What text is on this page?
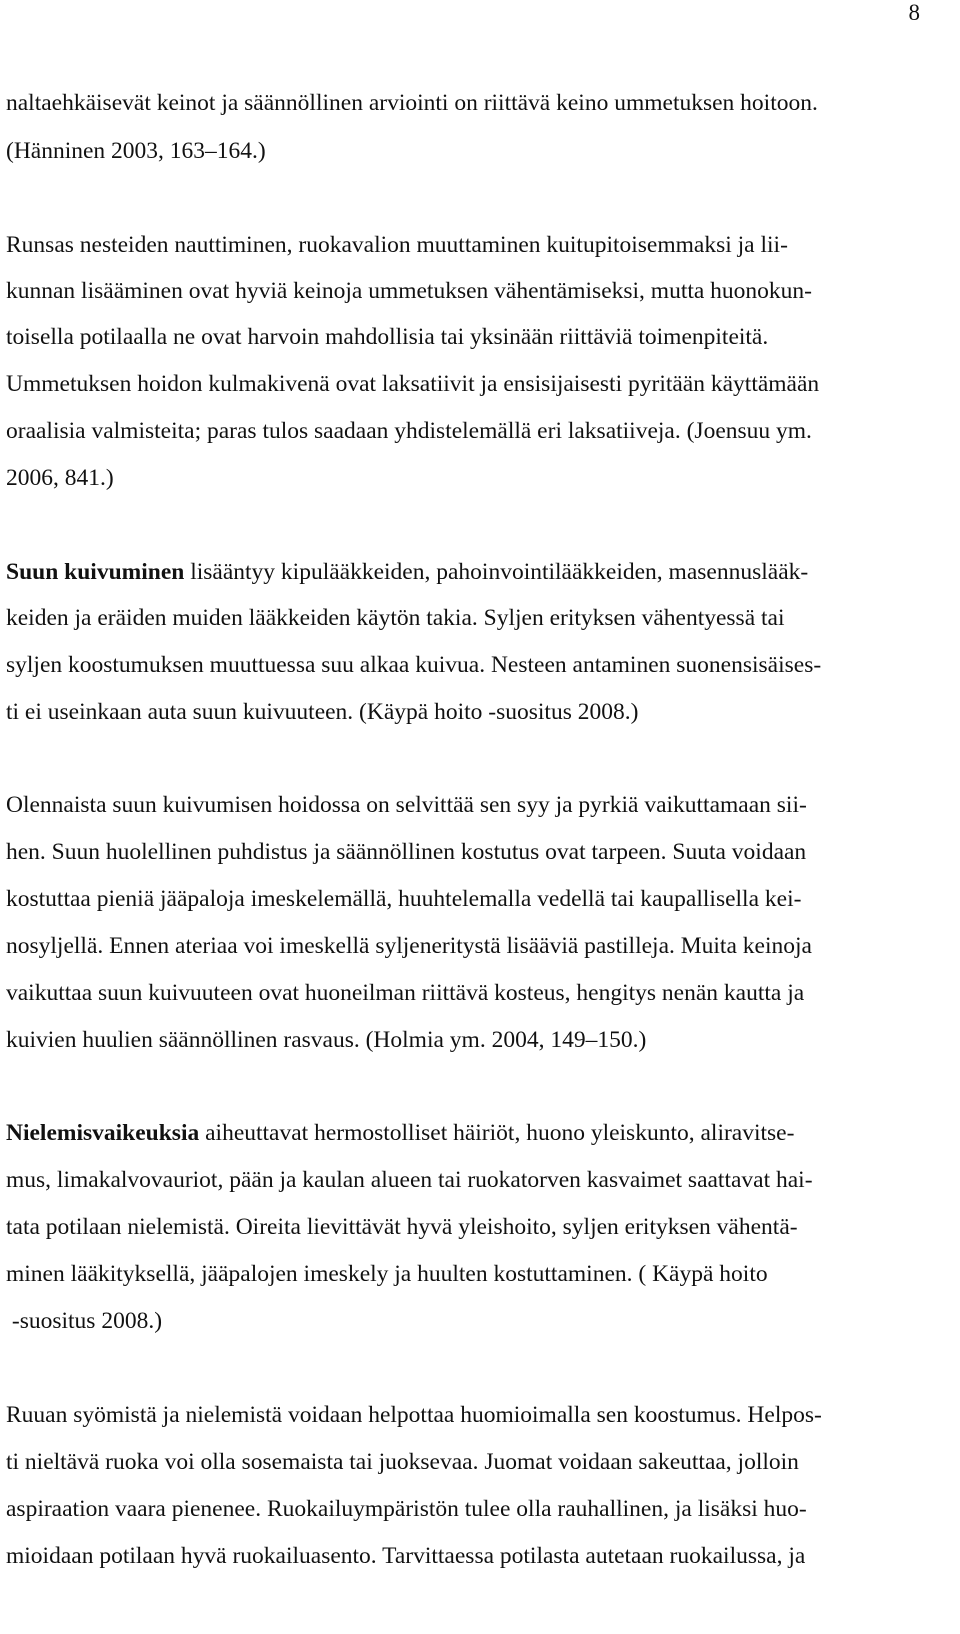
8
naltaehkäisevät keinot ja säännöllinen arviointi on riittävä keino ummetuksen hoitoon.
(Hänninen 2003, 163–164.)
Runsas nesteiden nauttiminen, ruokavalion muuttaminen kuitupitoisemmaksi ja lii-
kunnan lisääminen ovat hyviä keinoja ummetuksen vähentämiseksi, mutta huonokun-
toisella potilaalla ne ovat harvoin mahdollisia tai yksinään riittäviä toimenpiteitä.
Ummetuksen hoidon kulmakivenä ovat laksatiivit ja ensisijaisesti pyritään käyttämään
oraalisia valmisteita; paras tulos saadaan yhdistelemällä eri laksatiiveja. (Joensuu ym.
2006, 841.)
Suun kuivuminen lisääntyy kipulääkkeiden, pahoinvointilääkkeiden, masennuslääk-
keiden ja eräiden muiden lääkkeiden käytön takia. Syljen erityksen vähentyessä tai
syljen koostumuksen muuttuessa suu alkaa kuivua. Nesteen antaminen suonensisäises-
ti ei useinkaan auta suun kuivuuteen. (Käypä hoito -suositus 2008.)
Olennaista suun kuivumisen hoidossa on selvittää sen syy ja pyrkiä vaikuttamaan sii-
hen. Suun huolellinen puhdistus ja säännöllinen kostutus ovat tarpeen. Suuta voidaan
kostuttaa pieniä jääpaloja imeskelemällä, huuhtelemalla vedellä tai kaupallisella kei-
nosyljellä. Ennen ateriaa voi imeskellä syljeneritystä lisääviä pastilleja. Muita keinoja
vaikuttaa suun kuivuuteen ovat huoneilman riittävä kosteus, hengitys nenän kautta ja
kuivien huulien säännöllinen rasvaus. (Holmia ym. 2004, 149–150.)
Nielemisvaikeuksia aiheuttavat hermostolliset häiriöt, huono yleiskunto, aliravitse-
mus, limakalvovauriot, pään ja kaulan alueen tai ruokatorven kasvaimet saattavat hai-
tata potilaan nielemistä. Oireita lievittävät hyvä yleishoito, syljen erityksen vähentä-
minen lääkityksellä, jääpalojen imeskely ja huulten kostuttaminen. ( Käypä hoito
-suositus 2008.)
Ruuan syömistä ja nielemistä voidaan helpottaa huomioimalla sen koostumus. Helpos-
ti nieltävä ruoka voi olla sosemaista tai juoksevaa. Juomat voidaan sakeuttaa, jolloin
aspiraation vaara pienenee. Ruokailuympäristön tulee olla rauhallinen, ja lisäksi huo-
mioidaan potilaan hyvä ruokailuasento. Tarvittaessa potilasta autetaan ruokailussa, ja
